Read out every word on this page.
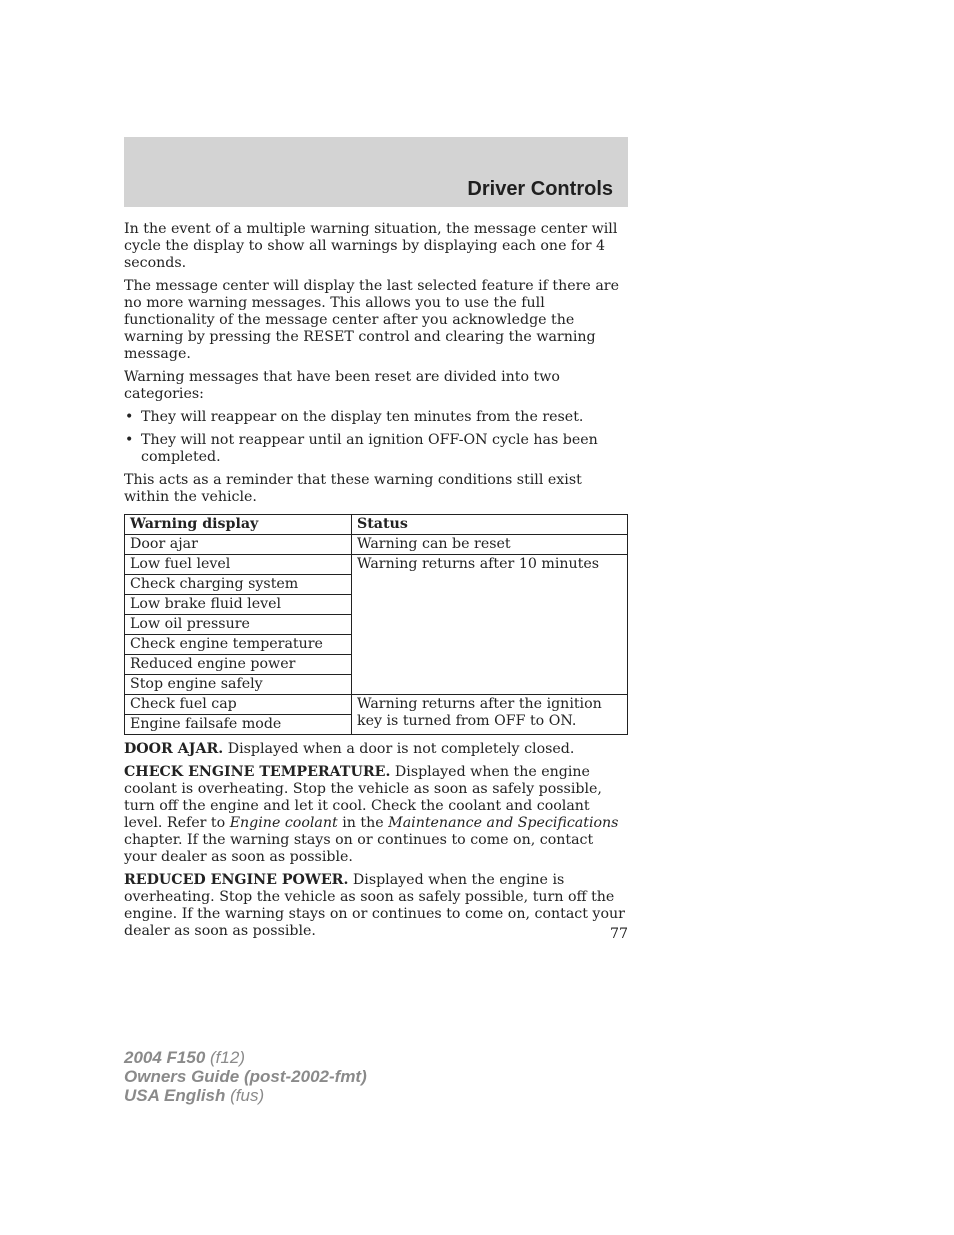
Driver Controls

In the event of a multiple warning situation, the message center will cycle the display to show all warnings by displaying each one for 4 seconds.

The message center will display the last selected feature if there are no more warning messages. This allows you to use the full functionality of the message center after you acknowledge the warning by pressing the RESET control and clearing the warning message.

Warning messages that have been reset are divided into two categories:

• They will reappear on the display ten minutes from the reset.
• They will not reappear until an ignition OFF-ON cycle has been completed.

This acts as a reminder that these warning conditions still exist within the vehicle.

Warning display	Status
Door ajar	Warning can be reset
Low fuel level	Warning returns after 10 minutes
Check charging system	
Low brake fluid level	
Low oil pressure	
Check engine temperature	
Reduced engine power	
Stop engine safely	
Check fuel cap	Warning returns after the ignition key is turned from OFF to ON.
Engine failsafe mode	

DOOR AJAR. Displayed when a door is not completely closed.

CHECK ENGINE TEMPERATURE. Displayed when the engine coolant is overheating. Stop the vehicle as soon as safely possible, turn off the engine and let it cool. Check the coolant and coolant level. Refer to Engine coolant in the Maintenance and Specifications chapter. If the warning stays on or continues to come on, contact your dealer as soon as possible.

REDUCED ENGINE POWER. Displayed when the engine is overheating. Stop the vehicle as soon as safely possible, turn off the engine. If the warning stays on or continues to come on, contact your dealer as soon as possible.	77
2004 F150 (f12)
Owners Guide (post-2002-fmt)
USA English (fus)
